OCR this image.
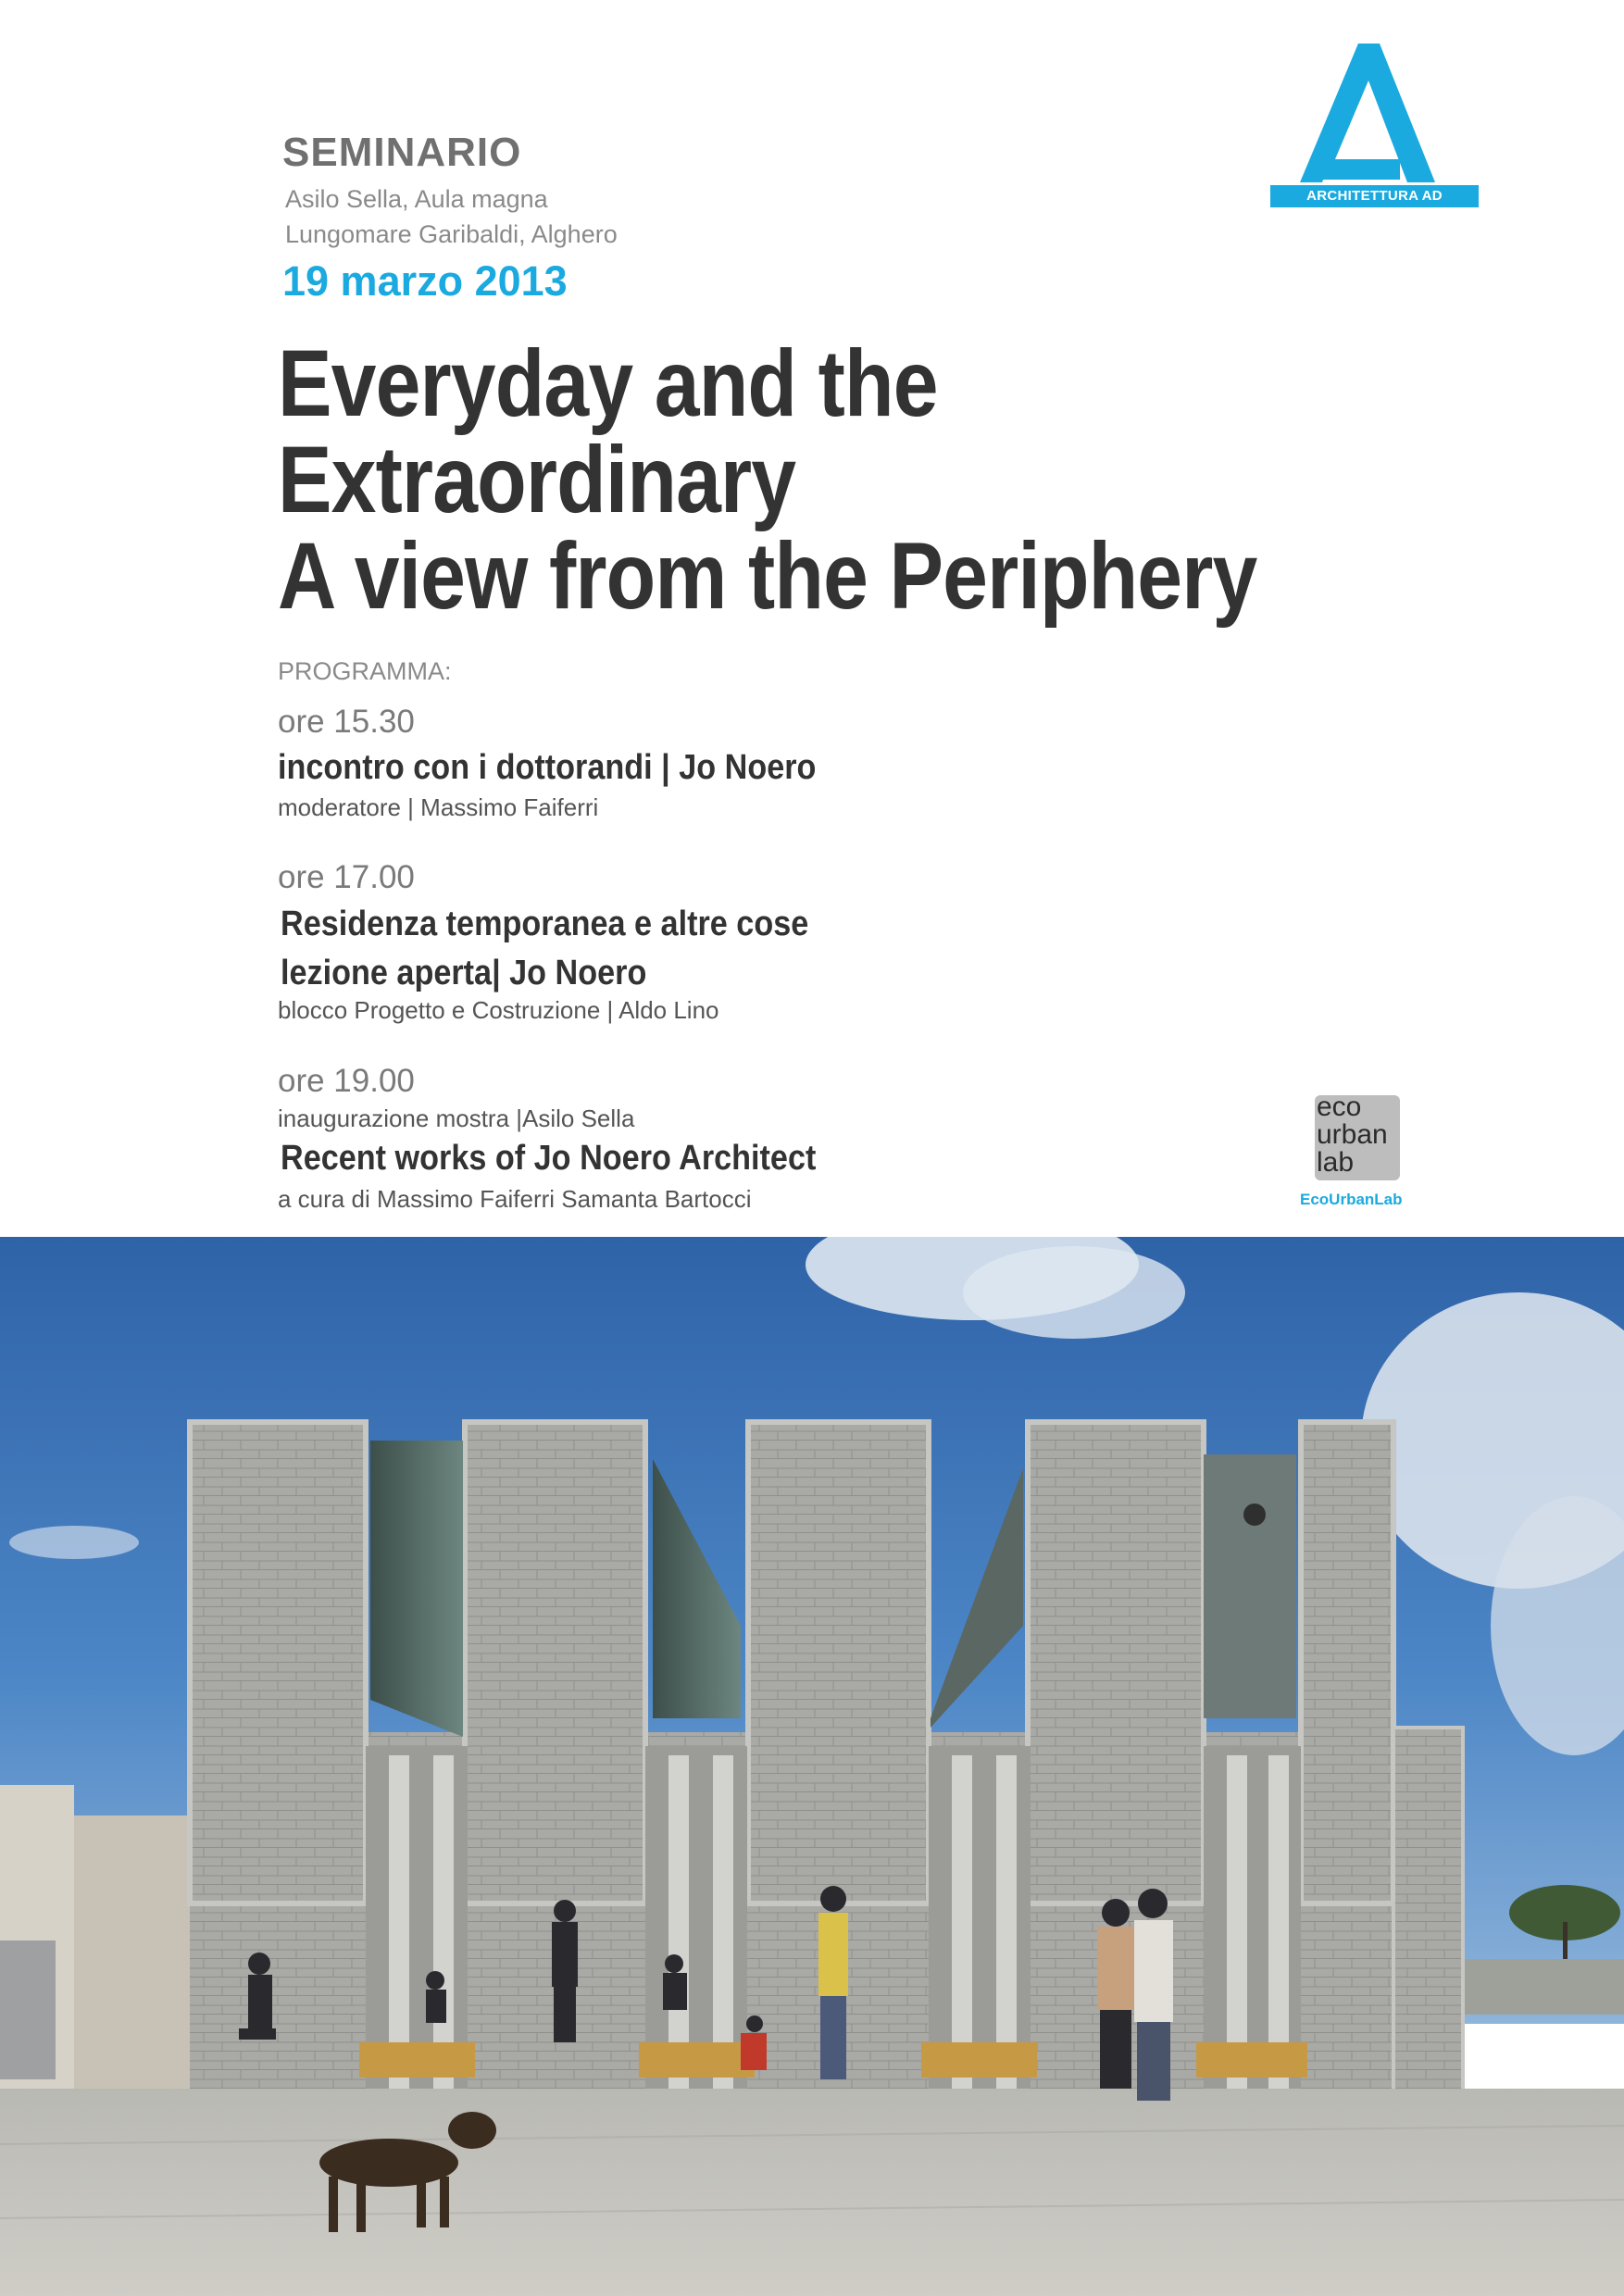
SEMINARIO
Asilo Sella, Aula magna
Lungomare Garibaldi, Alghero
19 marzo 2013
ARCHITETTURA AD ALGHERO
Everyday and the
Extraordinary
A view from the Periphery
PROGRAMMA:
ore 15.30
incontro con i dottorandi | Jo Noero
moderatore | Massimo Faiferri
ore 17.00
Residenza temporanea e altre cose
lezione aperta| Jo Noero
blocco Progetto e Costruzione | Aldo Lino
ore 19.00
inaugurazione mostra |Asilo Sella
Recent works of Jo Noero Architect
a cura di Massimo Faiferri Samanta Bartocci
eco
urban
lab
EcoUrbanLab
